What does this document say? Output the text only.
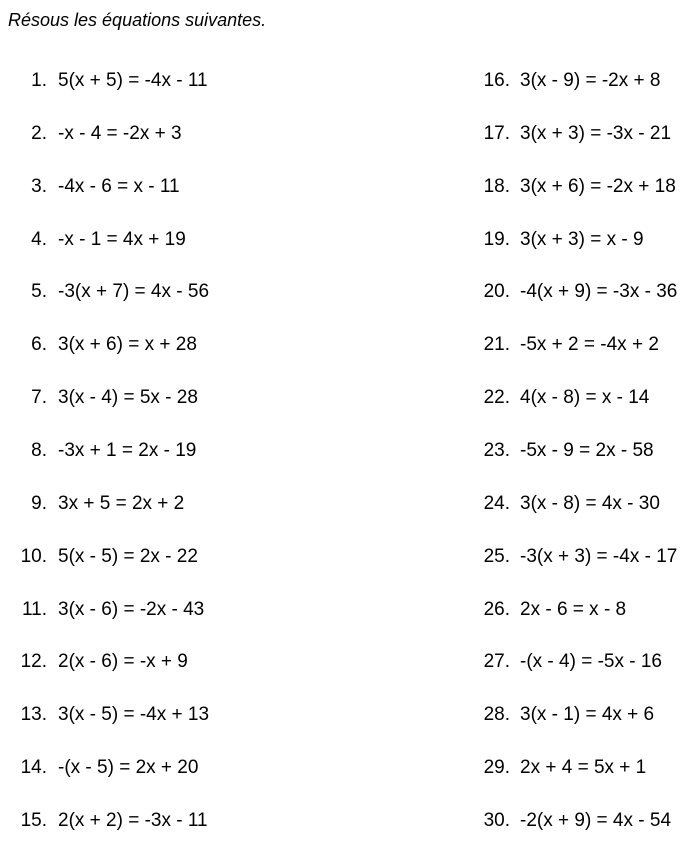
Résous les équations suivantes.
1. 5(x + 5) = -4x - 11
2. -x - 4 = -2x + 3
3. -4x - 6 = x - 11
4. -x - 1 = 4x + 19
5. -3(x + 7) = 4x - 56
6. 3(x + 6) = x + 28
7. 3(x - 4) = 5x - 28
8. -3x + 1 = 2x - 19
9. 3x + 5 = 2x + 2
10. 5(x - 5) = 2x - 22
11. 3(x - 6) = -2x - 43
12. 2(x - 6) = -x + 9
13. 3(x - 5) = -4x + 13
14. -(x - 5) = 2x + 20
15. 2(x + 2) = -3x - 11
16. 3(x - 9) = -2x + 8
17. 3(x + 3) = -3x - 21
18. 3(x + 6) = -2x + 18
19. 3(x + 3) = x - 9
20. -4(x + 9) = -3x - 36
21. -5x + 2 = -4x + 2
22. 4(x - 8) = x - 14
23. -5x - 9 = 2x - 58
24. 3(x - 8) = 4x - 30
25. -3(x + 3) = -4x - 17
26. 2x - 6 = x - 8
27. -(x - 4) = -5x - 16
28. 3(x - 1) = 4x + 6
29. 2x + 4 = 5x + 1
30. -2(x + 9) = 4x - 54
